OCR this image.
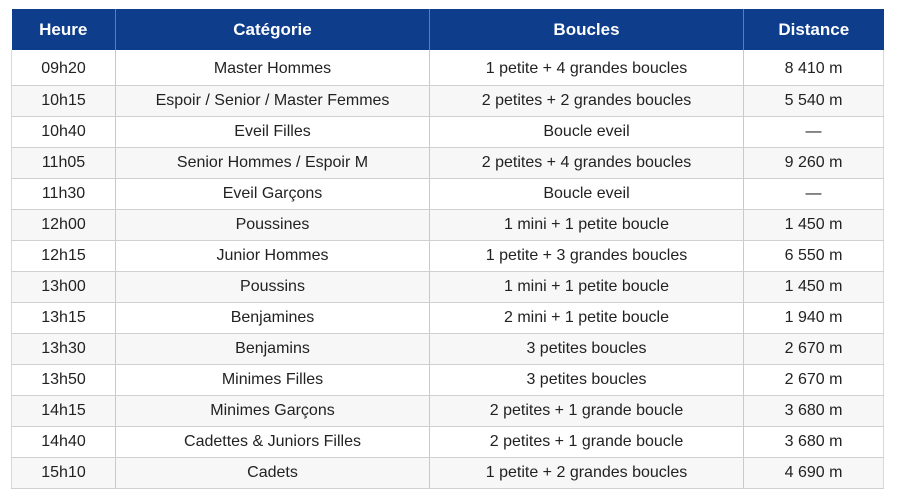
Heure	Catégorie	Boucles	Distance
09h20	Master Hommes	1 petite + 4 grandes boucles	8 410 m
10h15	Espoir / Senior / Master Femmes	2 petites + 2 grandes boucles	5 540 m
10h40	Eveil Filles	Boucle eveil	—
11h05	Senior Hommes / Espoir M	2 petites + 4 grandes boucles	9 260 m
11h30	Eveil Garçons	Boucle eveil	—
12h00	Poussines	1 mini + 1 petite boucle	1 450 m
12h15	Junior Hommes	1 petite + 3 grandes boucles	6 550 m
13h00	Poussins	1 mini + 1 petite boucle	1 450 m
13h15	Benjamines	2 mini + 1 petite boucle	1 940 m
13h30	Benjamins	3 petites boucles	2 670 m
13h50	Minimes Filles	3 petites boucles	2 670 m
14h15	Minimes Garçons	2 petites + 1 grande boucle	3 680 m
14h40	Cadettes & Juniors Filles	2 petites + 1 grande boucle	3 680 m
15h10	Cadets	1 petite + 2 grandes boucles	4 690 m
